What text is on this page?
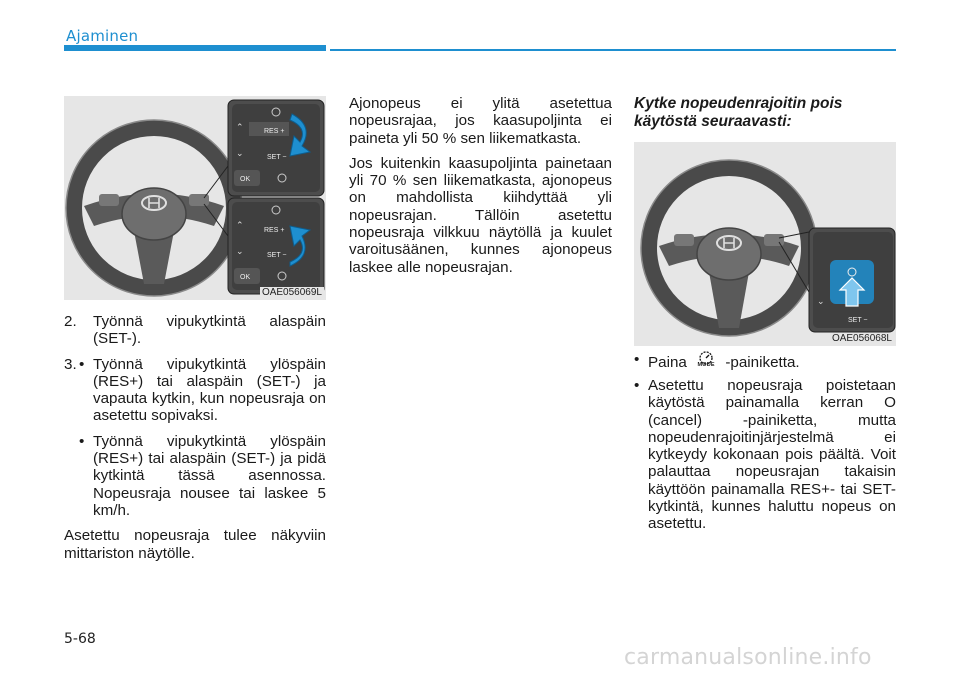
Ajaminen
⌃
⌄
RES +
SET −
OK
⌃
⌄
RES +
SET −
OK
OAE056069L
⌄
SET −
OAE056068L
2. Työnnä vipukytkintä alaspäin (SET-).
3. • Työnnä vipukytkintä ylöspäin (RES+) tai alaspäin (SET-) ja vapauta kytkin, kun nopeusraja on asetettu sopivaksi.
• Työnnä vipukytkintä ylöspäin (RES+) tai alaspäin (SET-) ja pidä kytkintä tässä asennossa. Nopeusraja nousee tai laskee 5 km/h.
Asetettu nopeusraja tulee näkyviin mittariston näytölle.
Ajonopeus ei ylitä asetettua nopeusrajaa, jos kaasupoljinta ei paineta yli 50 % sen liikematkasta.
Jos kuitenkin kaasupoljinta painetaan yli 70 % sen liikematkasta, ajonopeus on mahdollista kiihdyttää yli nopeusrajan. Tällöin asetettu nopeusraja vilkkuu näytöllä ja kuulet varoitusäänen, kunnes ajonopeus laskee alle nopeusrajan.
Kytke nopeudenrajoitin pois käytöstä seuraavasti:
• Paina	MODE -painiketta.
• Asetettu nopeusraja poistetaan käytöstä painamalla kerran O (cancel) -painiketta, mutta nopeudenrajoitinjärjestelmä ei kytkeydy kokonaan pois päältä. Voit palauttaa nopeusrajan takaisin käyttöön painamalla RES+- tai SET-kytkintä, kunnes haluttu nopeus on asetettu.
5-68
carmanualsonline.info
